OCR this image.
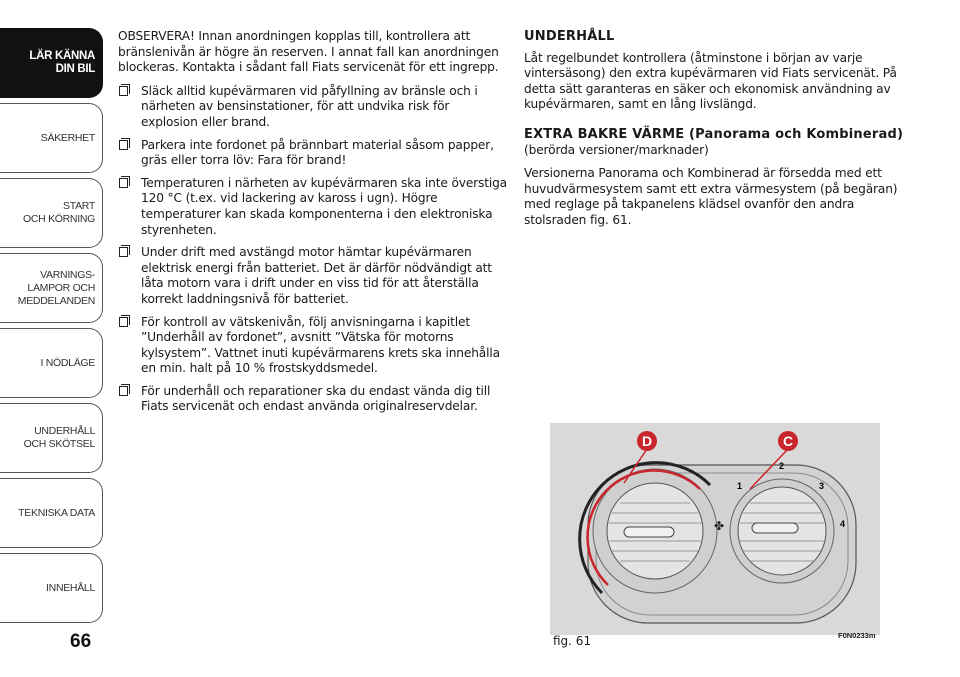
LÄR KÄNNA
DIN BIL
SÄKERHET
START
OCH KÖRNING
VARNINGS-
LAMPOR OCH
MEDDELANDEN
I NÖDLÄGE
UNDERHÅLL
OCH SKÖTSEL
TEKNISKA DATA
INNEHÅLL
66

OBSERVERA! Innan anordningen kopplas till, kontrollera att bränslenivån är högre än reserven. I annat fall kan anordningen blockeras. Kontakta i sådant fall Fiats servicenät för ett ingrepp.

Släck alltid kupévärmaren vid påfyllning av bränsle och i närheten av bensinstationer, för att undvika risk för explosion eller brand.
Parkera inte fordonet på brännbart material såsom papper, gräs eller torra löv: Fara för brand!
Temperaturen i närheten av kupévärmaren ska inte överstiga 120 °C (t.ex. vid lackering av kaross i ugn). Högre temperaturer kan skada komponenterna i den elektroniska styrenheten.
Under drift med avstängd motor hämtar kupévärmaren elektrisk energi från batteriet. Det är därför nödvändigt att låta motorn vara i drift under en viss tid för att återställa korrekt laddningsnivå för batteriet.
För kontroll av vätskenivån, följ anvisningarna i kapitlet ”Underhåll av fordonet”, avsnitt ”Vätska för motorns kylsystem”. Vattnet inuti kupévärmarens krets ska innehålla en min. halt på 10 % frostskyddsmedel.
För underhåll och reparationer ska du endast vända dig till Fiats servicenät och endast använda originalreservdelar.
UNDERHÅLL

Låt regelbundet kontrollera (åtminstone i början av varje vintersäsong) den extra kupévärmaren vid Fiats servicenät. På detta sätt garanteras en säker och ekonomisk användning av kupévärmaren, samt en lång livslängd.

EXTRA BAKRE VÄRME (Panorama och Kombinerad)

(berörda versioner/marknader)

Versionerna Panorama och Kombinerad är försedda med ett huvudvärmesystem samt ett extra värmesystem (på begäran) med reglage på takpanelens klädsel ovanför den andra stolsraden fig. 61.

1
2
3
4
✤
D	C
fig. 61	F0N0233m
